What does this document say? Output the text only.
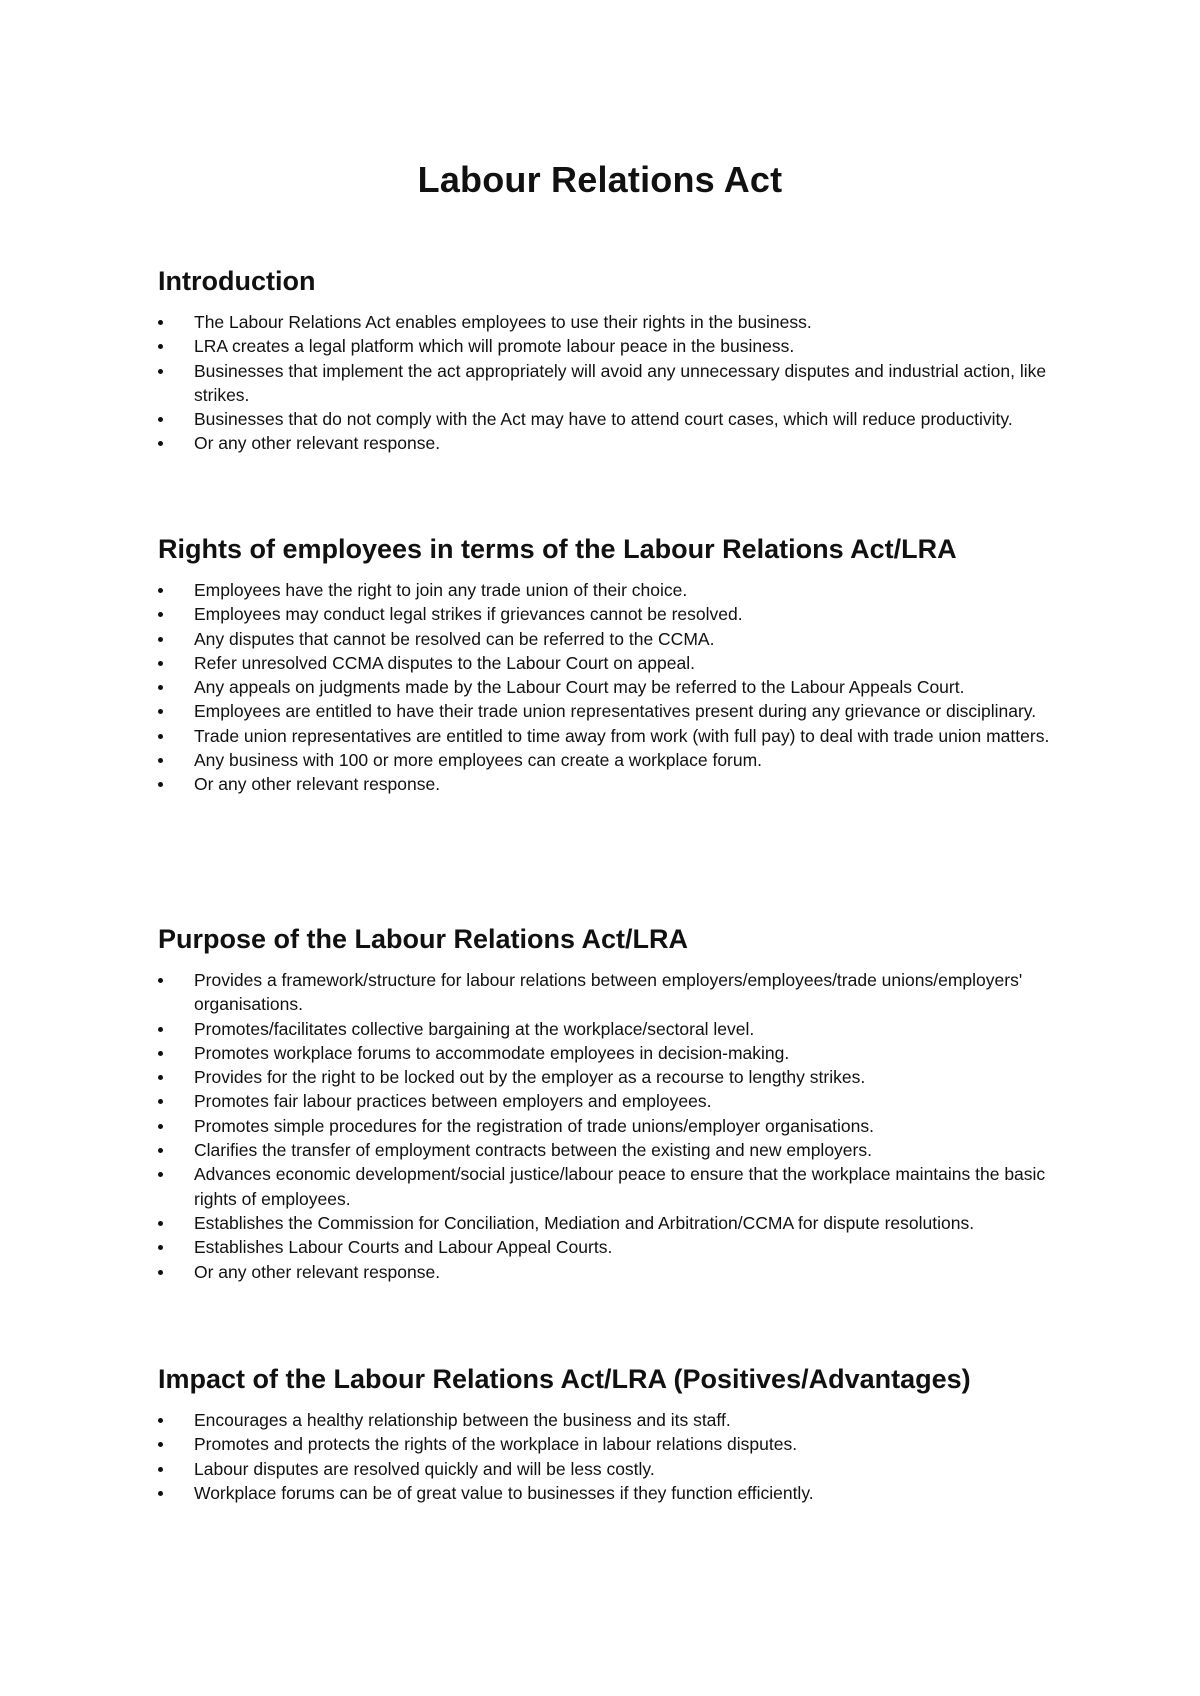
Labour Relations Act
Introduction
The Labour Relations Act enables employees to use their rights in the business.
LRA creates a legal platform which will promote labour peace in the business.
Businesses that implement the act appropriately will avoid any unnecessary disputes and industrial action, like strikes.
Businesses that do not comply with the Act may have to attend court cases, which will reduce productivity.
Or any other relevant response.
Rights of employees in terms of the Labour Relations Act/LRA
Employees have the right to join any trade union of their choice.
Employees may conduct legal strikes if grievances cannot be resolved.
Any disputes that cannot be resolved can be referred to the CCMA.
Refer unresolved CCMA disputes to the Labour Court on appeal.
Any appeals on judgments made by the Labour Court may be referred to the Labour Appeals Court.
Employees are entitled to have their trade union representatives present during any grievance or disciplinary.
Trade union representatives are entitled to time away from work (with full pay) to deal with trade union matters.
Any business with 100 or more employees can create a workplace forum.
Or any other relevant response.
Purpose of the Labour Relations Act/LRA
Provides a framework/structure for labour relations between employers/employees/trade unions/employers' organisations.
Promotes/facilitates collective bargaining at the workplace/sectoral level.
Promotes workplace forums to accommodate employees in decision-making.
Provides for the right to be locked out by the employer as a recourse to lengthy strikes.
Promotes fair labour practices between employers and employees.
Promotes simple procedures for the registration of trade unions/employer organisations.
Clarifies the transfer of employment contracts between the existing and new employers.
Advances economic development/social justice/labour peace to ensure that the workplace maintains the basic rights of employees.
Establishes the Commission for Conciliation, Mediation and Arbitration/CCMA for dispute resolutions.
Establishes Labour Courts and Labour Appeal Courts.
Or any other relevant response.
Impact of the Labour Relations Act/LRA (Positives/Advantages)
Encourages a healthy relationship between the business and its staff.
Promotes and protects the rights of the workplace in labour relations disputes.
Labour disputes are resolved quickly and will be less costly.
Workplace forums can be of great value to businesses if they function efficiently.
